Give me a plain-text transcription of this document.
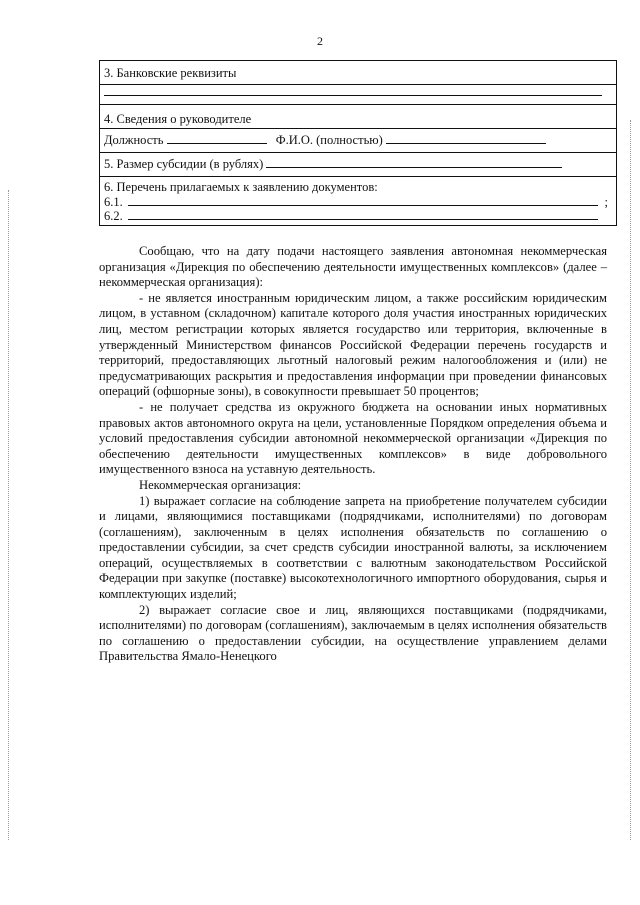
2
3. Банковские реквизиты
4. Сведения о руководителе
Должность	Ф.И.О. (полностью)
5. Размер субсидии (в рублях)
6. Перечень прилагаемых к заявлению документов:
6.1.	;
6.2.

Сообщаю, что на дату подачи настоящего заявления автономная некоммерческая организация «Дирекция по обеспечению деятельности имущественных комплексов» (далее – некоммерческая организация):

- не является иностранным юридическим лицом, а также российским юридическим лицом, в уставном (складочном) капитале которого доля участия иностранных юридических лиц, местом регистрации которых является государство или территория, включенные в утвержденный Министерством финансов Российской Федерации перечень государств и территорий, предоставляющих льготный налоговый режим налогообложения и (или) не предусматривающих раскрытия и предоставления информации при проведении финансовых операций (офшорные зоны), в совокупности превышает 50 процентов;

- не получает средства из окружного бюджета на основании иных нормативных правовых актов автономного округа на цели, установленные Порядком определения объема и условий предоставления субсидии автономной некоммерческой организации «Дирекция по обеспечению деятельности имущественных комплексов» в виде добровольного имущественного взноса на уставную деятельность.

Некоммерческая организация:

1) выражает согласие на соблюдение запрета на приобретение получателем субсидии и лицами, являющимися поставщиками (подрядчиками, исполнителями) по договорам (соглашениям), заключенным в целях исполнения обязательств по соглашению о предоставлении субсидии, за счет средств субсидии иностранной валюты, за исключением операций, осуществляемых в соответствии с валютным законодательством Российской Федерации при закупке (поставке) высокотехнологичного импортного оборудования, сырья и комплектующих изделий;

2) выражает согласие свое и лиц, являющихся поставщиками (подрядчиками, исполнителями) по договорам (соглашениям), заключаемым в целях исполнения обязательств по соглашению о предоставлении субсидии, на осуществление управлением делами Правительства Ямало-Ненецкого
